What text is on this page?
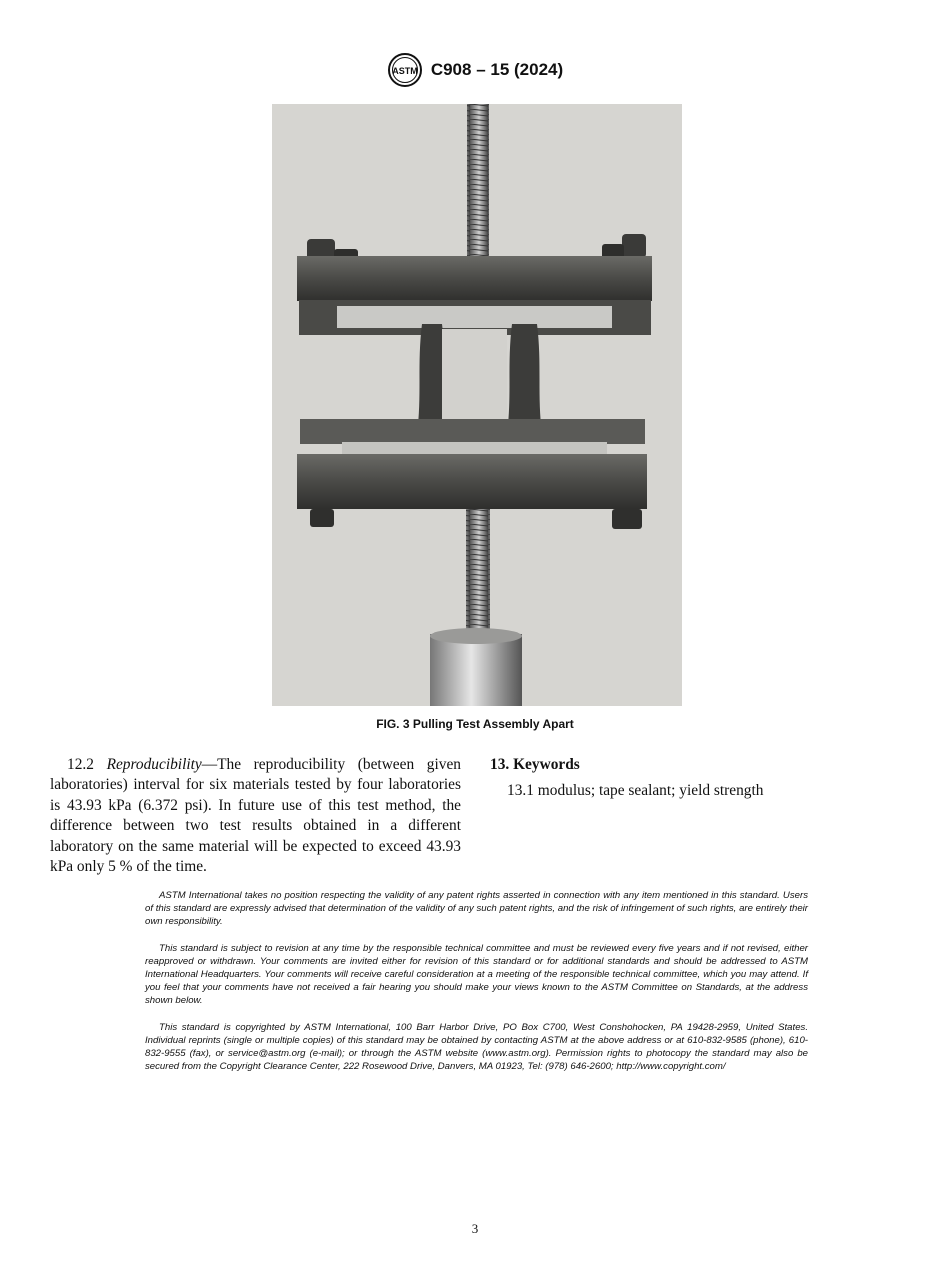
ASTM C908 – 15 (2024)
FIG. 3 Pulling Test Assembly Apart

12.2 Reproducibility—The reproducibility (between given laboratories) interval for six materials tested by four laboratories is 43.93 kPa (6.372 psi). In future use of this test method, the difference between two test results obtained in a different laboratory on the same material will be expected to exceed 43.93 kPa only 5 % of the time.

13. Keywords

13.1 modulus; tape sealant; yield strength

ASTM International takes no position respecting the validity of any patent rights asserted in connection with any item mentioned in this standard. Users of this standard are expressly advised that determination of the validity of any such patent rights, and the risk of infringement of such rights, are entirely their own responsibility.

This standard is subject to revision at any time by the responsible technical committee and must be reviewed every five years and if not revised, either reapproved or withdrawn. Your comments are invited either for revision of this standard or for additional standards and should be addressed to ASTM International Headquarters. Your comments will receive careful consideration at a meeting of the responsible technical committee, which you may attend. If you feel that your comments have not received a fair hearing you should make your views known to the ASTM Committee on Standards, at the address shown below.

This standard is copyrighted by ASTM International, 100 Barr Harbor Drive, PO Box C700, West Conshohocken, PA 19428-2959, United States. Individual reprints (single or multiple copies) of this standard may be obtained by contacting ASTM at the above address or at 610-832-9585 (phone), 610-832-9555 (fax), or service@astm.org (e-mail); or through the ASTM website (www.astm.org). Permission rights to photocopy the standard may also be secured from the Copyright Clearance Center, 222 Rosewood Drive, Danvers, MA 01923, Tel: (978) 646-2600; http://www.copyright.com/

3
